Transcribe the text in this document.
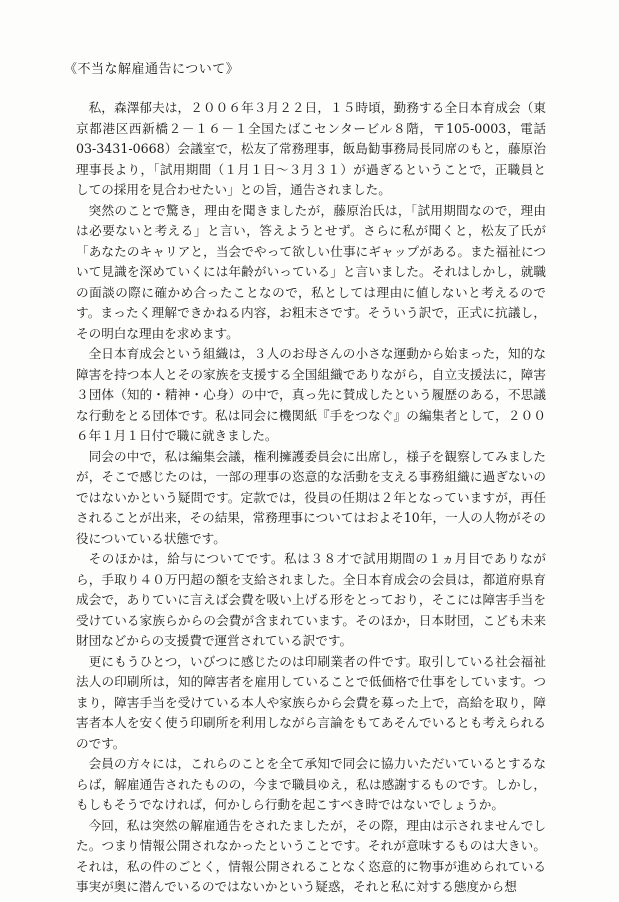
《不当な解雇通告について》

私，森澤郁夫は，２００６年３月２２日，１５時頃，勤務する全日本育成会（東京都港区西新橋２－１６－１全国たばこセンタービル８階，〒105-0003，電話03-3431-0668）会議室で，松友了常務理事，飯島勧事務局長同席のもと，藤原治理事長より，「試用期間（１月１日～３月３１）が過ぎるということで，正職員としての採用を見合わせたい」との旨，通告されました。

突然のことで驚き，理由を聞きましたが，藤原治氏は，「試用期間なので，理由は必要ないと考える」と言い，答えようとせず。さらに私が聞くと，松友了氏が「あなたのキャリアと，当会でやって欲しい仕事にギャップがある。また福祉について見識を深めていくには年齢がいっている」と言いました。それはしかし，就職の面談の際に確かめ合ったことなので，私としては理由に値しないと考えるのです。まったく理解できかねる内容，お粗末さです。そういう訳で，正式に抗議し，その明白な理由を求めます。

全日本育成会という組織は，３人のお母さんの小さな運動から始まった，知的な障害を持つ本人とその家族を支援する全国組織でありながら，自立支援法に，障害３団体（知的・精神・心身）の中で，真っ先に賛成したという履歴のある，不思議な行動をとる団体です。私は同会に機関紙『手をつなぐ』の編集者として，２００６年１月１日付で職に就きました。

同会の中で，私は編集会議，権利擁護委員会に出席し，様子を観察してみましたが，そこで感じたのは，一部の理事の恣意的な活動を支える事務組織に過ぎないのではないかという疑問です。定款では，役員の任期は２年となっていますが，再任されることが出来，その結果，常務理事についてはおよそ10年，一人の人物がその役についている状態です。

そのほかは，給与についてです。私は３８才で試用期間の１ヵ月目でありながら，手取り４０万円超の額を支給されました。全日本育成会の会員は，都道府県育成会で，ありていに言えば会費を吸い上げる形をとっており，そこには障害手当を受けている家族らからの会費が含まれています。そのほか，日本財団，こども未来財団などからの支援費で運営されている訳です。

更にもうひとつ，いびつに感じたのは印刷業者の件です。取引している社会福祉法人の印刷所は，知的障害者を雇用していることで低価格で仕事をしています。つまり，障害手当を受けている本人や家族らから会費を募った上で，高給を取り，障害者本人を安く使う印刷所を利用しながら言論をもてあそんでいるとも考えられるのです。

会員の方々には，これらのことを全て承知で同会に協力いただいているとするならば，解雇通告されたものの，今まで職員ゆえ，私は感謝するものです。しかし，もしもそうでなければ，何かしら行動を起こすべき時ではないでしょうか。

今回，私は突然の解雇通告をされたましたが，その際，理由は示されませんでした。つまり情報公開されなかったということです。それが意味するものは大きい。それは，私の件のごとく，情報公開されることなく恣意的に物事が進められている事実が奥に潜んでいるのではないかという疑惑，それと私に対する態度から想
